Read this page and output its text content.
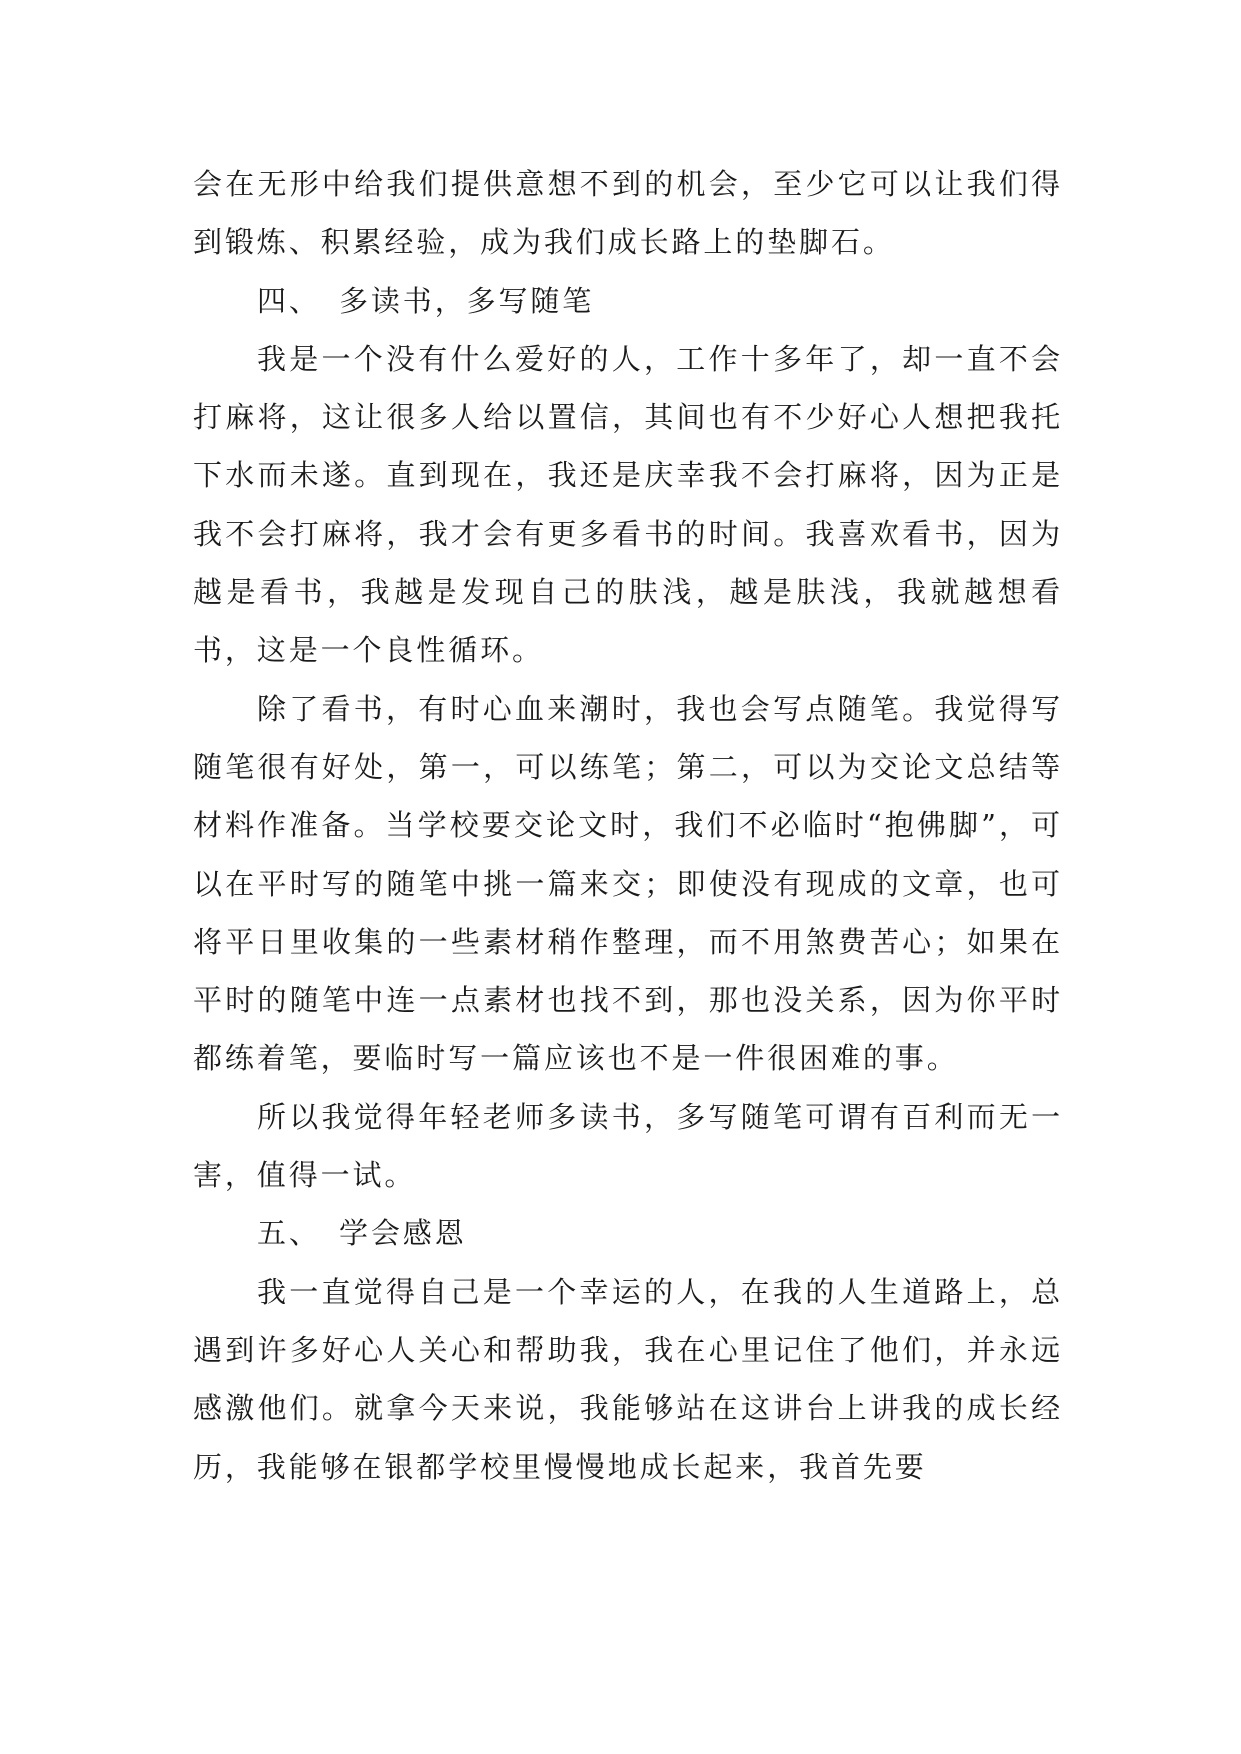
会在无形中给我们提供意想不到的机会，至少它可以让我们得到锻炼、积累经验，成为我们成长路上的垫脚石。

四、 多读书，多写随笔

我是一个没有什么爱好的人，工作十多年了，却一直不会打麻将，这让很多人给以置信，其间也有不少好心人想把我托下水而未遂。直到现在，我还是庆幸我不会打麻将，因为正是我不会打麻将，我才会有更多看书的时间。我喜欢看书，因为越是看书，我越是发现自己的肤浅，越是肤浅，我就越想看书，这是一个良性循环。

除了看书，有时心血来潮时，我也会写点随笔。我觉得写随笔很有好处，第一，可以练笔；第二，可以为交论文总结等材料作准备。当学校要交论文时，我们不必临时“抱佛脚”，可以在平时写的随笔中挑一篇来交；即使没有现成的文章，也可将平日里收集的一些素材稍作整理，而不用煞费苦心；如果在平时的随笔中连一点素材也找不到，那也没关系，因为你平时都练着笔，要临时写一篇应该也不是一件很困难的事。

所以我觉得年轻老师多读书，多写随笔可谓有百利而无一害，值得一试。

五、 学会感恩

我一直觉得自己是一个幸运的人，在我的人生道路上，总遇到许多好心人关心和帮助我，我在心里记住了他们，并永远感激他们。就拿今天来说，我能够站在这讲台上讲我的成长经历，我能够在银都学校里慢慢地成长起来，我首先要
